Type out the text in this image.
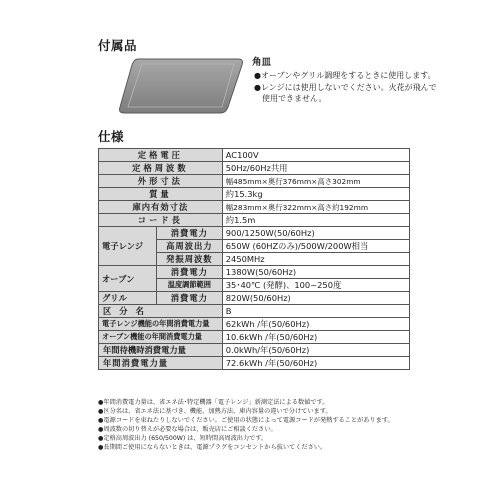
付属品
角皿
●オーブンやグリル調理をするときに使用します。
●レンジには使用しないでください。火花が飛んで使用できません。
仕様
定格電圧		AC100V
定格周波数		50Hz/60Hz共用
外形寸法		幅485mm×奥行376mm×高さ302mm
質量		約15.3kg
庫内有効寸法		幅283mm×奥行322mm×高さ約192mm
コード長		約1.5m
電子レンジ	消費電力	900/1250W(50/60Hz)
	高周波出力	650W (60HZのみ)/500W/200W相当
	発振周波数	2450MHz
オーブン	消費電力	1380W(50/60Hz)
	温度調節範囲	35･40℃ (発酵)、100~250度
グリル	消費電力	820W(50/60Hz)
区分名		B
電子レンジ機能の年間消費電力量		62kWh /年(50/60Hz)
オーブン機能の年間消費電力量		10.6kWh /年(50/60Hz)
年間待機時消費電力量		0.0kWh/年(50/60Hz)
年間消費電力量		72.6kWh /年(50/60Hz)
●年間消費電力量は、省エネ法･特定機器「電子レンジ」新測定法による数値です。
●区分名は、省エネ法に基づき、機能、加熱方法、庫内容量の違いで分けています。
●電源コードを束ねたりしないでください。ご使用の状態によって電源コードが発熱することがあります。
●周波数の切り替えが必要な場合は、販売店にご相談ください。
●定格高周波出力 (650/500W) は、短時間高周波出力です。
●長期間ご使用にならないときは、電源プラグをコンセントから抜いてください。
